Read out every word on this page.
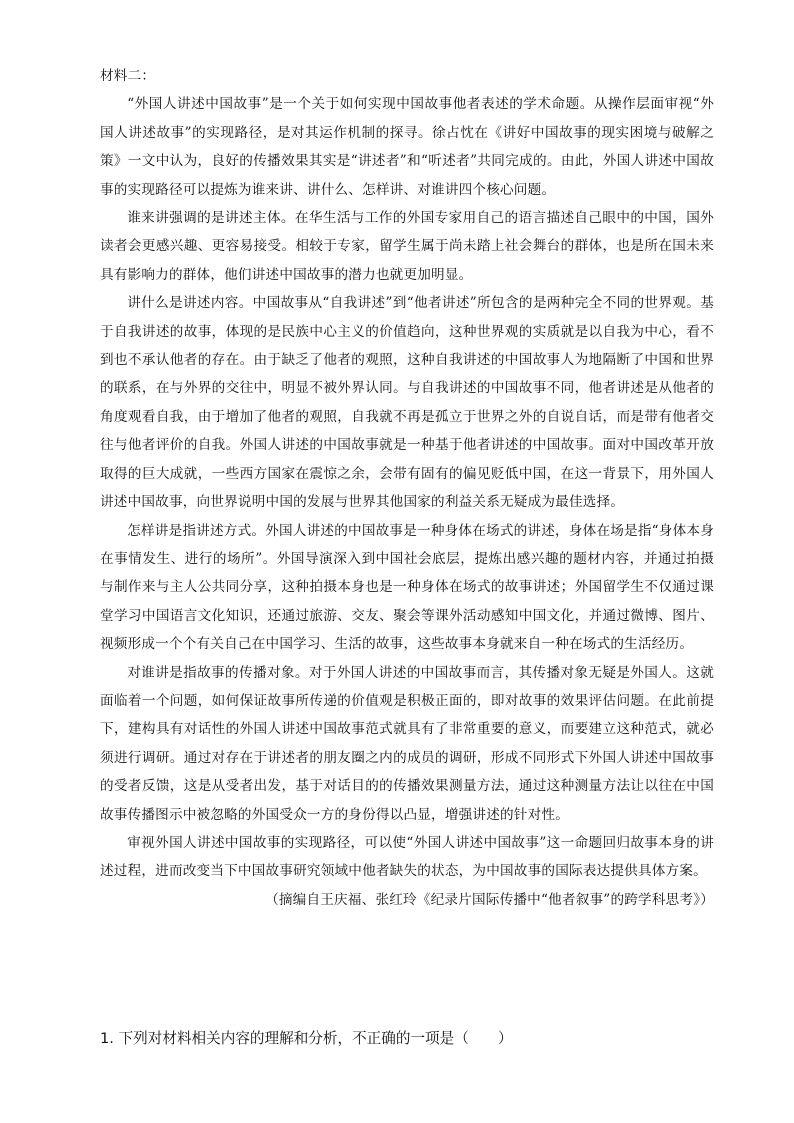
材料二：

“外国人讲述中国故事”是一个关于如何实现中国故事他者表述的学术命题。从操作层面审视“外国人讲述故事”的实现路径，是对其运作机制的探寻。徐占忱在《讲好中国故事的现实困境与破解之策》一文中认为，良好的传播效果其实是“讲述者”和“听述者”共同完成的。由此，外国人讲述中国故事的实现路径可以提炼为谁来讲、讲什么、怎样讲、对谁讲四个核心问题。

谁来讲强调的是讲述主体。在华生活与工作的外国专家用自己的语言描述自己眼中的中国，国外读者会更感兴趣、更容易接受。相较于专家，留学生属于尚未踏上社会舞台的群体，也是所在国未来具有影响力的群体，他们讲述中国故事的潜力也就更加明显。

讲什么是讲述内容。中国故事从“自我讲述”到“他者讲述”所包含的是两种完全不同的世界观。基于自我讲述的故事，体现的是民族中心主义的价值趋向，这种世界观的实质就是以自我为中心，看不到也不承认他者的存在。由于缺乏了他者的观照，这种自我讲述的中国故事人为地隔断了中国和世界的联系，在与外界的交往中，明显不被外界认同。与自我讲述的中国故事不同，他者讲述是从他者的角度观看自我，由于增加了他者的观照，自我就不再是孤立于世界之外的自说自话，而是带有他者交往与他者评价的自我。外国人讲述的中国故事就是一种基于他者讲述的中国故事。面对中国改革开放取得的巨大成就，一些西方国家在震惊之余，会带有固有的偏见贬低中国，在这一背景下，用外国人讲述中国故事，向世界说明中国的发展与世界其他国家的利益关系无疑成为最佳选择。

怎样讲是指讲述方式。外国人讲述的中国故事是一种身体在场式的讲述，身体在场是指“身体本身在事情发生、进行的场所”。外国导演深入到中国社会底层，提炼出感兴趣的题材内容，并通过拍摄与制作来与主人公共同分享，这种拍摄本身也是一种身体在场式的故事讲述；外国留学生不仅通过课堂学习中国语言文化知识，还通过旅游、交友、聚会等课外活动感知中国文化，并通过微博、图片、视频形成一个个有关自己在中国学习、生活的故事，这些故事本身就来自一种在场式的生活经历。

对谁讲是指故事的传播对象。对于外国人讲述的中国故事而言，其传播对象无疑是外国人。这就面临着一个问题，如何保证故事所传递的价值观是积极正面的，即对故事的效果评估问题。在此前提下，建构具有对话性的外国人讲述中国故事范式就具有了非常重要的意义，而要建立这种范式，就必须进行调研。通过对存在于讲述者的朋友圈之内的成员的调研，形成不同形式下外国人讲述中国故事的受者反馈，这是从受者出发，基于对话目的的传播效果测量方法，通过这种测量方法让以往在中国故事传播图示中被忽略的外国受众一方的身份得以凸显，增强讲述的针对性。

审视外国人讲述中国故事的实现路径，可以使“外国人讲述中国故事”这一命题回归故事本身的讲述过程，进而改变当下中国故事研究领域中他者缺失的状态，为中国故事的国际表达提供具体方案。

（摘编自王庆福、张红玲《纪录片国际传播中“他者叙事”的跨学科思考》）

1. 下列对材料相关内容的理解和分析，不正确的一项是（　　）
